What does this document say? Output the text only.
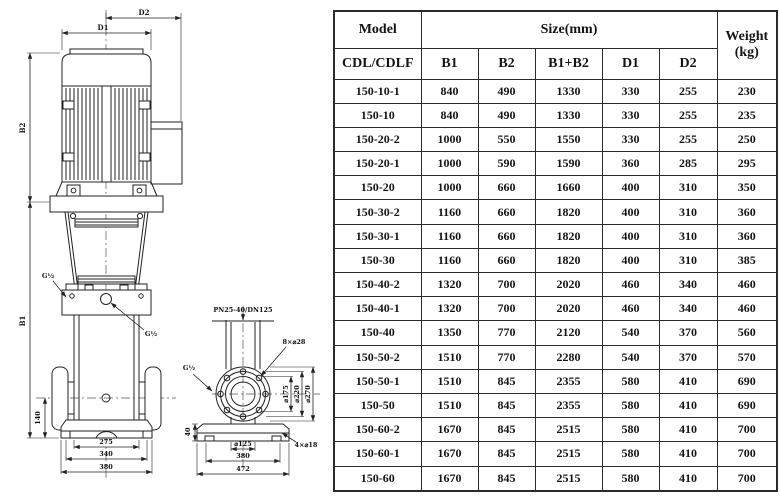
D2
D1
B2
B1
140
275
340
380
G½
G½
PN25-40/DN125
40
⌀125
380
472
⌀175 ⌀220 ⌀270
8×⌀28
4×⌀18
G½
Model	Size(mm)					Weight
(kg)

CDL/CDLF	B1	B2	B1+B2	D1	D2	
150-10-1	840	490	1330	330	255	230
150-10	840	490	1330	330	255	235
150-20-2	1000	550	1550	330	255	250
150-20-1	1000	590	1590	360	285	295
150-20	1000	660	1660	400	310	350
150-30-2	1160	660	1820	400	310	360
150-30-1	1160	660	1820	400	310	360
150-30	1160	660	1820	400	310	385
150-40-2	1320	700	2020	460	340	460
150-40-1	1320	700	2020	460	340	460
150-40	1350	770	2120	540	370	560
150-50-2	1510	770	2280	540	370	570
150-50-1	1510	845	2355	580	410	690
150-50	1510	845	2355	580	410	690
150-60-2	1670	845	2515	580	410	700
150-60-1	1670	845	2515	580	410	700
150-60	1670	845	2515	580	410	700
